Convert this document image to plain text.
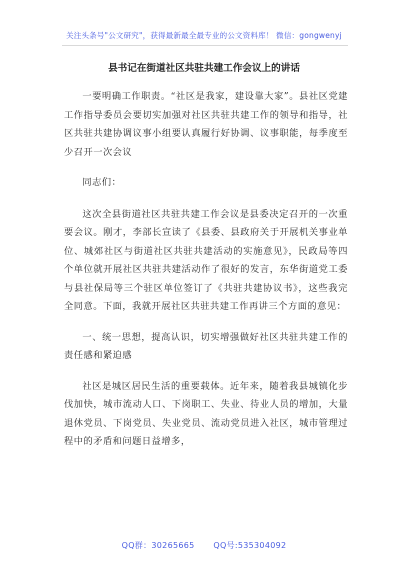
关注头条号"公文研究"，获得最新最全最专业的公文资料库！ 微信：gongwenyj
县书记在街道社区共驻共建工作会议上的讲话

一要明确工作职责。“社区是我家，建设靠大家”。县社区党建工作指导委员会要切实加强对社区共驻共建工作的领导和指导，社区共驻共建协调议事小组要认真履行好协调、议事职能，每季度至少召开一次会议

同志们：

这次全县街道社区共驻共建工作会议是县委决定召开的一次重要会议。刚才，李部长宣读了《县委、县政府关于开展机关事业单位、城郊社区与街道社区共驻共建活动的实施意见》，民政局等四个单位就开展社区共驻共建活动作了很好的发言，东华街道党工委与县社保局等三个驻区单位签订了《共驻共建协议书》，这些我完全同意。下面，我就开展社区共驻共建工作再讲三个方面的意见：

一、统一思想，提高认识，切实增强做好社区共驻共建工作的责任感和紧迫感

社区是城区居民生活的重要载体。近年来，随着我县城镇化步伐加快，城市流动人口、下岗职工、失业、待业人员的增加，大量退休党员、下岗党员、失业党员、流动党员进入社区，城市管理过程中的矛盾和问题日益增多，

QQ群：30265665 QQ号:535304092
